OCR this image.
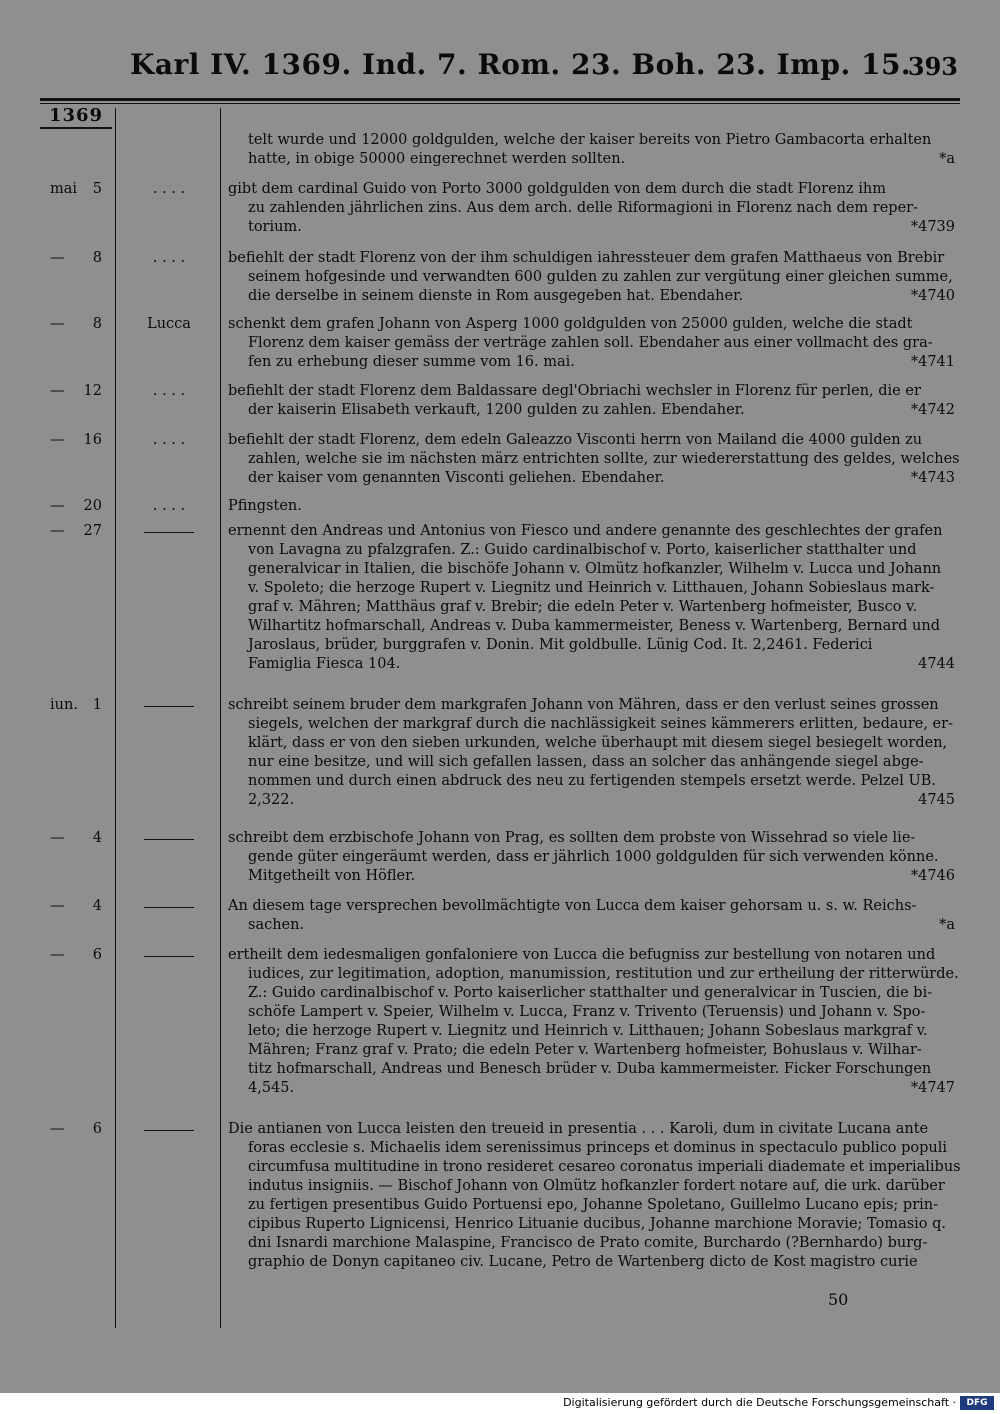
Karl IV. 1369. Ind. 7. Rom. 23. Boh. 23. Imp. 15.
393
1369
telt wurde und 12000 goldgulden, welche der kaiser bereits von Pietro Gambacorta erhalten
hatte, in obige 50000 eingerechnet werden sollten.	*a
mai 5	. . . .	gibt dem cardinal Guido von Porto 3000 goldgulden von dem durch die stadt Florenz ihm
zu zahlenden jährlichen zins. Aus dem arch. delle Riformagioni in Florenz nach dem reper-
torium.	*4739
— 8	. . . .	befiehlt der stadt Florenz von der ihm schuldigen iahressteuer dem grafen Matthaeus von Brebir
seinem hofgesinde und verwandten 600 gulden zu zahlen zur vergütung einer gleichen summe,
die derselbe in seinem dienste in Rom ausgegeben hat. Ebendaher.	*4740
— 8	Lucca	schenkt dem grafen Johann von Asperg 1000 goldgulden von 25000 gulden, welche die stadt
Florenz dem kaiser gemäss der verträge zahlen soll. Ebendaher aus einer vollmacht des gra-
fen zu erhebung dieser summe vom 16. mai.	*4741
— 12	. . . .	befiehlt der stadt Florenz dem Baldassare degl'Obriachi wechsler in Florenz für perlen, die er
der kaiserin Elisabeth verkauft, 1200 gulden zu zahlen. Ebendaher.	*4742
— 16	. . . .	befiehlt der stadt Florenz, dem edeln Galeazzo Visconti herrn von Mailand die 4000 gulden zu
zahlen, welche sie im nächsten märz entrichten sollte, zur wiedererstattung des geldes, welches
der kaiser vom genannten Visconti geliehen. Ebendaher.	*4743
— 20	. . . .	Pfingsten.
— 27	ernennt den Andreas und Antonius von Fiesco und andere genannte des geschlechtes der grafen
von Lavagna zu pfalzgrafen. Z.: Guido cardinalbischof v. Porto, kaiserlicher statthalter und
generalvicar in Italien, die bischöfe Johann v. Olmütz hofkanzler, Wilhelm v. Lucca und Johann
v. Spoleto; die herzoge Rupert v. Liegnitz und Heinrich v. Litthauen, Johann Sobieslaus mark-
graf v. Mähren; Matthäus graf v. Brebir; die edeln Peter v. Wartenberg hofmeister, Busco v.
Wilhartitz hofmarschall, Andreas v. Duba kammermeister, Beness v. Wartenberg, Bernard und
Jaroslaus, brüder, burggrafen v. Donin. Mit goldbulle. Lünig Cod. It. 2,2461. Federici
Famiglia Fiesca 104.	4744
iun. 1	schreibt seinem bruder dem markgrafen Johann von Mähren, dass er den verlust seines grossen
siegels, welchen der markgraf durch die nachlässigkeit seines kämmerers erlitten, bedaure, er-
klärt, dass er von den sieben urkunden, welche überhaupt mit diesem siegel besiegelt worden,
nur eine besitze, und will sich gefallen lassen, dass an solcher das anhängende siegel abge-
nommen und durch einen abdruck des neu zu fertigenden stempels ersetzt werde. Pelzel UB.
2,322.	4745
— 4	schreibt dem erzbischofe Johann von Prag, es sollten dem probste von Wissehrad so viele lie-
gende güter eingeräumt werden, dass er jährlich 1000 goldgulden für sich verwenden könne.
Mitgetheilt von Höfler.	*4746
— 4	An diesem tage versprechen bevollmächtigte von Lucca dem kaiser gehorsam u. s. w. Reichs-
sachen.	*a
— 6	ertheilt dem iedesmaligen gonfaloniere von Lucca die befugniss zur bestellung von notaren und
iudices, zur legitimation, adoption, manumission, restitution und zur ertheilung der ritterwürde.
Z.: Guido cardinalbischof v. Porto kaiserlicher statthalter und generalvicar in Tuscien, die bi-
schöfe Lampert v. Speier, Wilhelm v. Lucca, Franz v. Trivento (Teruensis) und Johann v. Spo-
leto; die herzoge Rupert v. Liegnitz und Heinrich v. Litthauen; Johann Sobeslaus markgraf v.
Mähren; Franz graf v. Prato; die edeln Peter v. Wartenberg hofmeister, Bohuslaus v. Wilhar-
titz hofmarschall, Andreas und Benesch brüder v. Duba kammermeister. Ficker Forschungen
4,545.	*4747
— 6	Die antianen von Lucca leisten den treueid in presentia . . . Karoli, dum in civitate Lucana ante
foras ecclesie s. Michaelis idem serenissimus princeps et dominus in spectaculo publico populi
circumfusa multitudine in trono resideret cesareo coronatus imperiali diademate et imperialibus
indutus insigniis. — Bischof Johann von Olmütz hofkanzler fordert notare auf, die urk. darüber
zu fertigen presentibus Guido Portuensi epo, Johanne Spoletano, Guillelmo Lucano epis; prin-
cipibus Ruperto Lignicensi, Henrico Lituanie ducibus, Johanne marchione Moravie; Tomasio q.
dni Isnardi marchione Malaspine, Francisco de Prato comite, Burchardo (?Bernhardo) burg-
graphio de Donyn capitaneo civ. Lucane, Petro de Wartenberg dicto de Kost magistro curie
50
Digitalisierung gefördert durch die Deutsche Forschungsgemeinschaft ·	DFG
